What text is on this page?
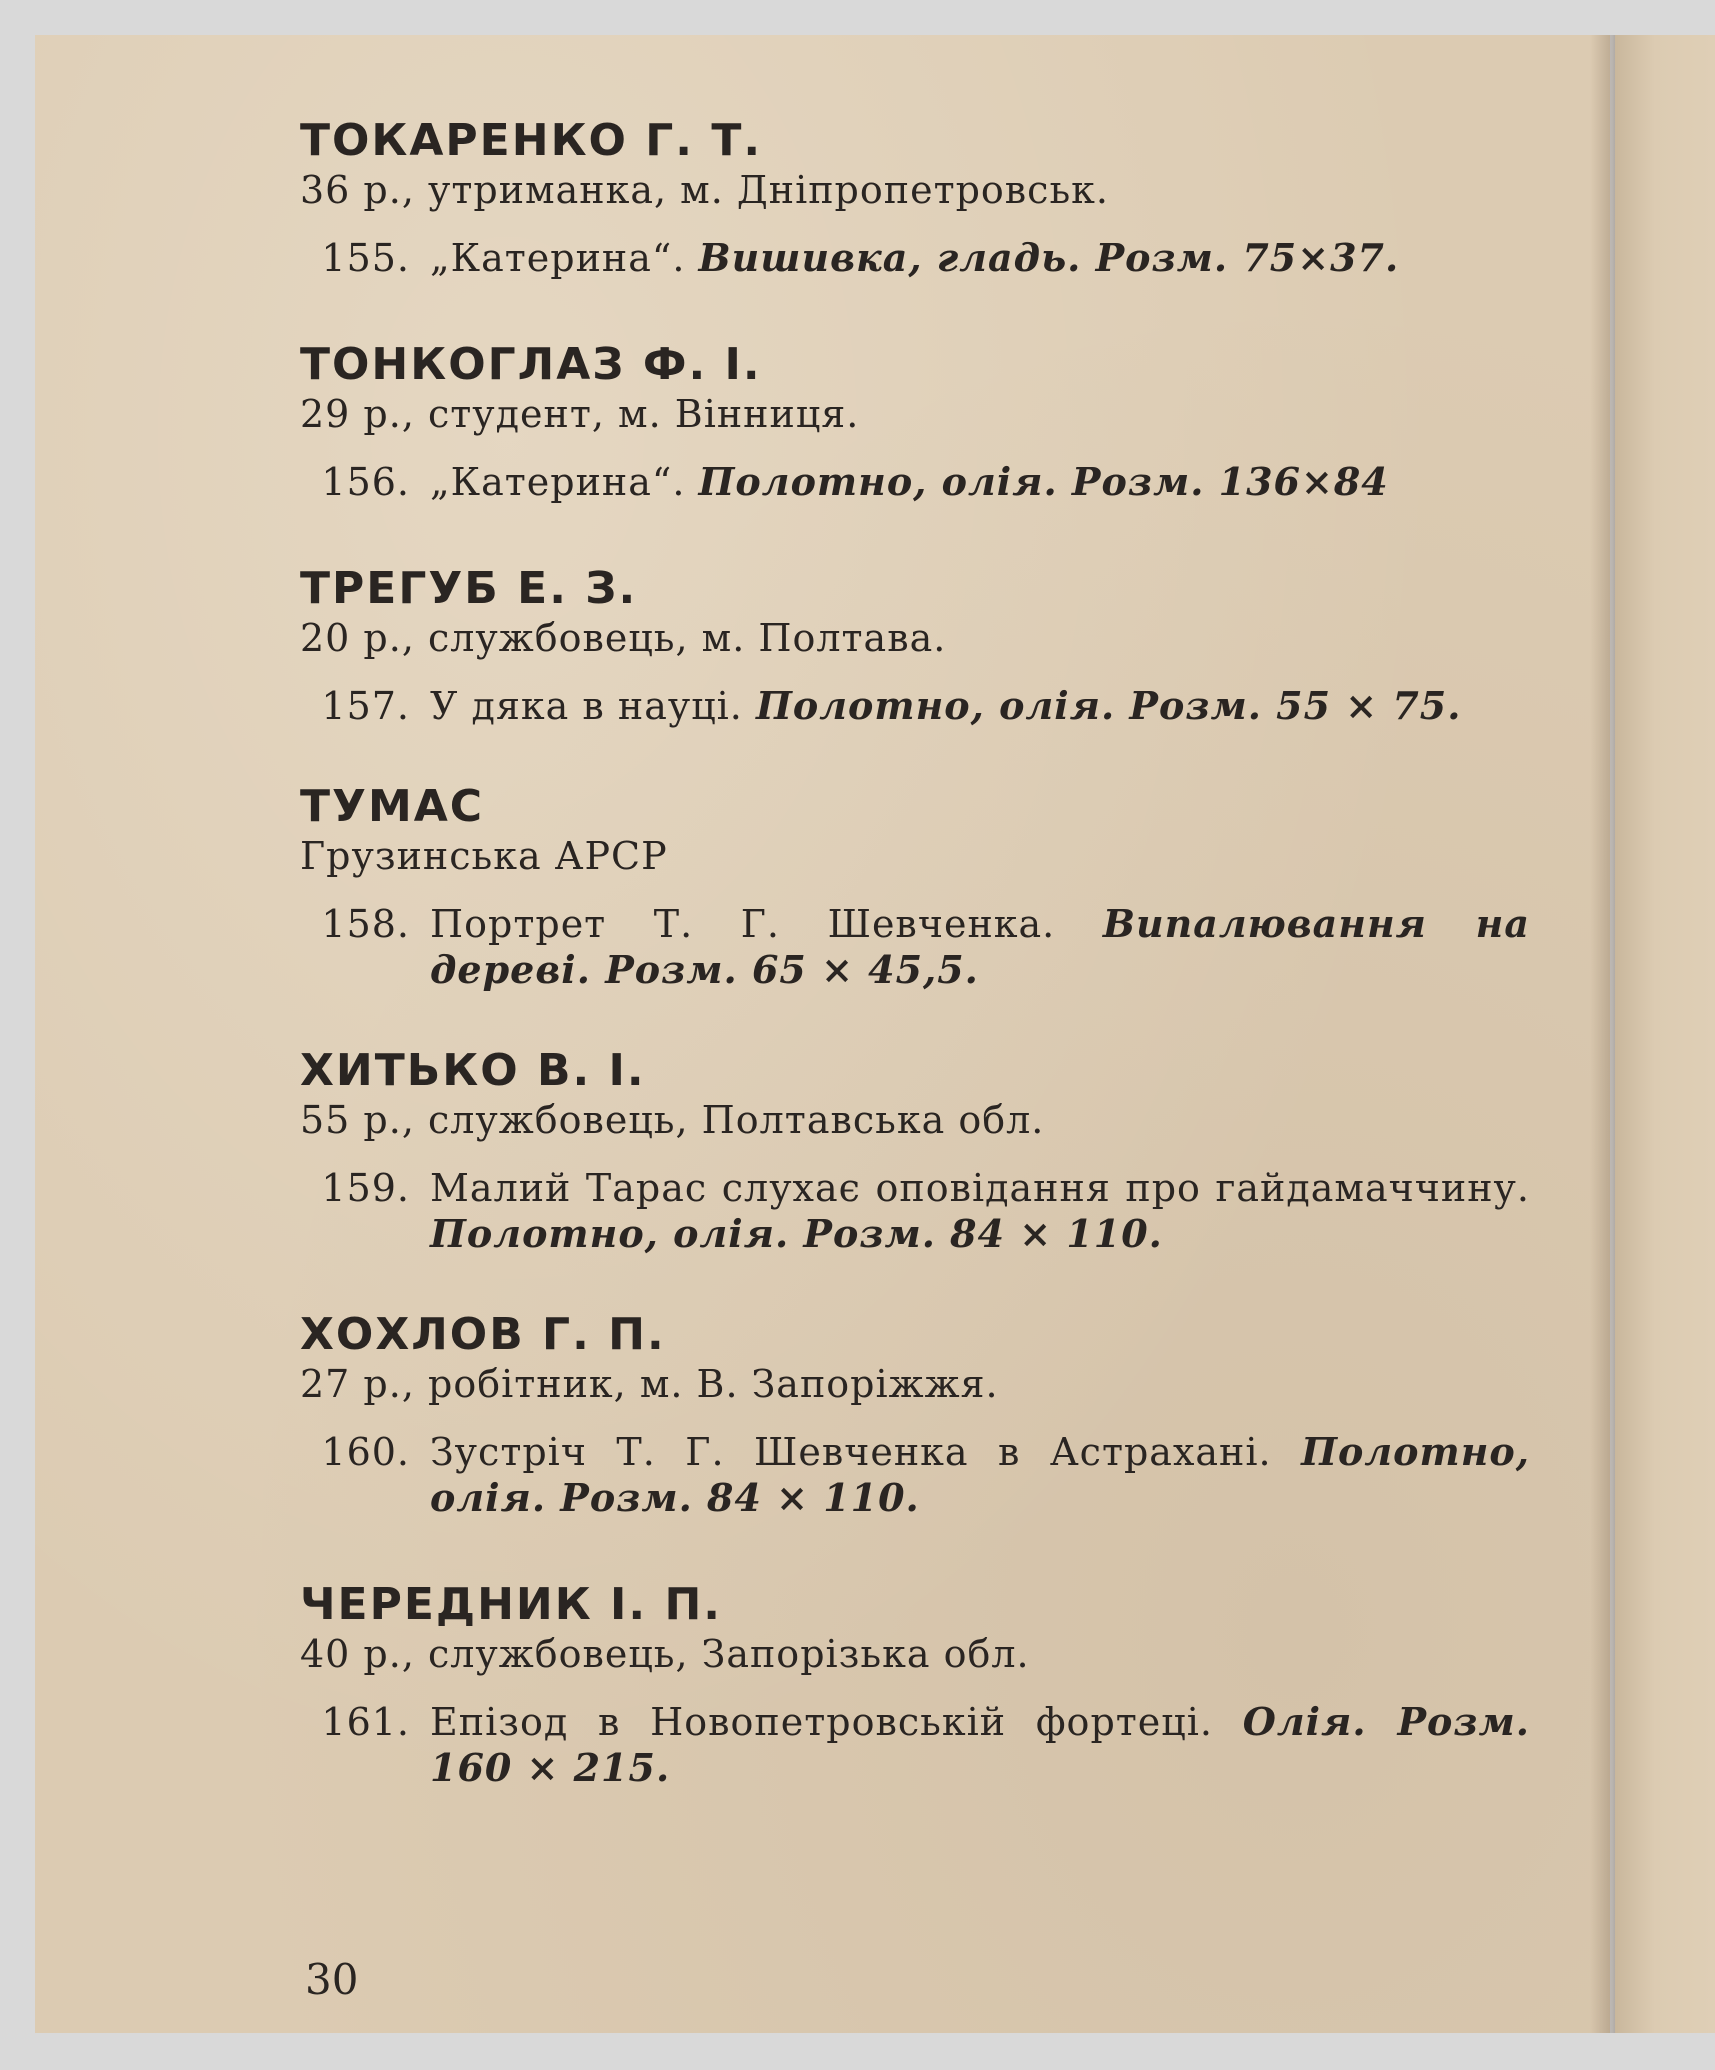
ТОКАРЕНКО Г. Т.

36 р., утриманка, м. Дніпропетровськ.

155. „Катерина“. Вишивка, гладь. Розм. 75×37.

ТОНКОГЛАЗ Ф. І.

29 р., студент, м. Вінниця.

156. „Катерина“. Полотно, олія. Розм. 136×84

ТРЕГУБ Е. З.

20 р., службовець, м. Полтава.

157. У дяка в науці. Полотно, олія. Розм. 55 × 75.

ТУМАС

Грузинська АРСР

158. Портрет Т. Г. Шевченка. Випалювання на дереві. Розм. 65 × 45,5.

ХИТЬКО В. І.

55 р., службовець, Полтавська обл.

159. Малий Тарас слухає оповідання про гайдамаччину. Полотно, олія. Розм. 84 × 110.

ХОХЛОВ Г. П.

27 р., робітник, м. В. Запоріжжя.

160. Зустріч Т. Г. Шевченка в Астрахані. Полотно, олія. Розм. 84 × 110.

ЧЕРЕДНИК І. П.

40 р., службовець, Запорізька обл.

161. Епізод в Новопетровській фортеці. Олія. Розм. 160 × 215.
30
